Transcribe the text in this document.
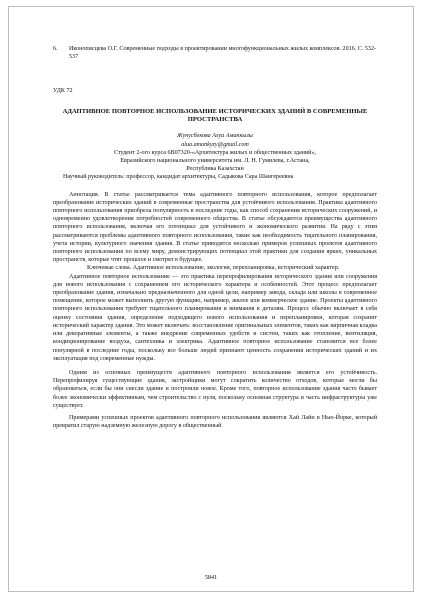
6.	Иконописцева О.Г. Современные подходы в проектировании многофункциональных жилых комплексов. 2016. С. 532-537
УДК 72
АДАПТИВНОЕ ПОВТОРНОЕ ИСПОЛЬЗОВАНИЕ ИСТОРИЧЕСКИХ ЗДАНИЙ В СОВРЕМЕННЫЕ ПРОСТРАНСТВА
Жунуcбекова Алуа Аманкызы
alua.amankyzy@gmail.com
Студент 2-ого курса 6В07320-«Архитектура жилых и общественных зданий»,
Евразийского национального университета им. Л. Н. Гумилева, г.Астана,
Республика Казахстан
Научный руководитель: профессор, кандидат архитектуры, Садыкова Сара Шангереевна

Аннотация. В статье рассматривается тема адаптивного повторного использования, которое предполагает преобразование исторических зданий в современные пространства для устойчивого использования. Практика адаптивного повторного использования приобрела популярность в последние годы, как способ сохранения исторических сооружений, и одновременно удовлетворения потребностей современного общества. В статье обсуждаются преимущества адаптивного повторного использования, включая его потенциал для устойчивого и экономического развития. На ряду с этим рассматриваются проблемы адаптивного повторного использования, такие как необходимость тщательного планирования, учета истории, культурного значения здания. В статье приводятся несколько примеров успешных проектов адаптивного повторного использования по всему миру, демонстрирующих потенциал этой практики для создания ярких, уникальных пространств, которые чтят прошлое и смотрят в будущее.

Ключевые слова. Адаптивное использование, экология, перепланировка, исторический характер.

Адаптивное повторное использование — это практика перепрофилирования исторического здания или сооружения для нового использования с сохранением его исторического характера и особенностей. Этот процесс предполагает преобразование здания, изначально предназначенного для одной цели, например завода, склада или школы в современное помещение, которое может выполнять другую функцию, например, жилое или коммерческое здание. Проекты адаптивного повторного использования требуют тщательного планирования и внимания к деталям. Процесс обычно включает в себя оценку состояния здания, определение подходящего нового использования и перепланировки, которая сохранит исторический характер здания. Это может включать: восстановление оригинальных элементов, таких как кирпичная кладка или декоративные элементы, а также внедрение современных удобств и систем, таких как отопление, вентиляция, кондиционирование воздуха, сантехника и электрика. Адаптивное повторное использование становится все более популярной в последние годы, поскольку все больше людей признают ценность сохранения исторических зданий и их эксплуатация под современные нужды.

Одним из основных преимуществ адаптивного повторного использования является его устойчивость. Перепрофилируя существующие здания, застройщики могут сократить количество отходов, которые могли бы образоваться, если бы они снесли здание и построили новое. Кроме того, повторное использование здания часто бывает более экономически эффективным, чем строительство с нуля, поскольку основная структура и часть инфраструктуры уже существует.

Примерами успешных проектов адаптивного повторного использования являются Хай Лайн в Нью-Йорке, который превратил старую надземную железную дорогу в общественный

5841
